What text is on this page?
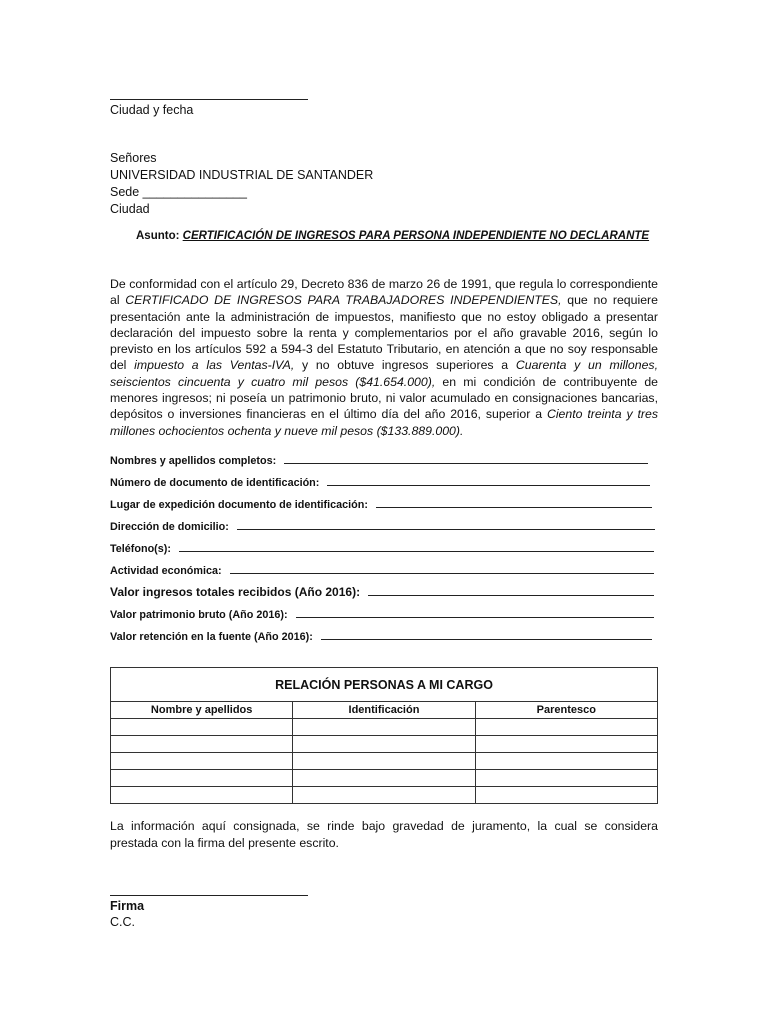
Ciudad y fecha
Señores
UNIVERSIDAD INDUSTRIAL DE SANTANDER
Sede _______________
Ciudad
Asunto: CERTIFICACIÓN DE INGRESOS PARA PERSONA INDEPENDIENTE NO DECLARANTE
De conformidad con el artículo 29, Decreto 836 de marzo 26 de 1991, que regula lo correspondiente al CERTIFICADO DE INGRESOS PARA TRABAJADORES INDEPENDIENTES, que no requiere presentación ante la administración de impuestos, manifiesto que no estoy obligado a presentar declaración del impuesto sobre la renta y complementarios por el año gravable 2016, según lo previsto en los artículos 592 a 594-3 del Estatuto Tributario, en atención a que no soy responsable del impuesto a las Ventas-IVA, y no obtuve ingresos superiores a Cuarenta y un millones, seiscientos cincuenta y cuatro mil pesos ($41.654.000), en mi condición de contribuyente de menores ingresos; ni poseía un patrimonio bruto, ni valor acumulado en consignaciones bancarias, depósitos o inversiones financieras en el último día del año 2016, superior a Ciento treinta y tres millones ochocientos ochenta y nueve mil pesos ($133.889.000).
Nombres y apellidos completos:
Número de documento de identificación:
Lugar de expedición documento de identificación:
Dirección de domicilio:
Teléfono(s):
Actividad económica:
Valor ingresos totales recibidos (Año 2016):
Valor patrimonio bruto (Año 2016):
Valor retención en la fuente (Año 2016):
RELACIÓN PERSONAS A MI CARGO		
Nombre y apellidos	Identificación	Parentesco

La información aquí consignada, se rinde bajo gravedad de juramento, la cual se considera prestada con la firma del presente escrito.
Firma
C.C.
